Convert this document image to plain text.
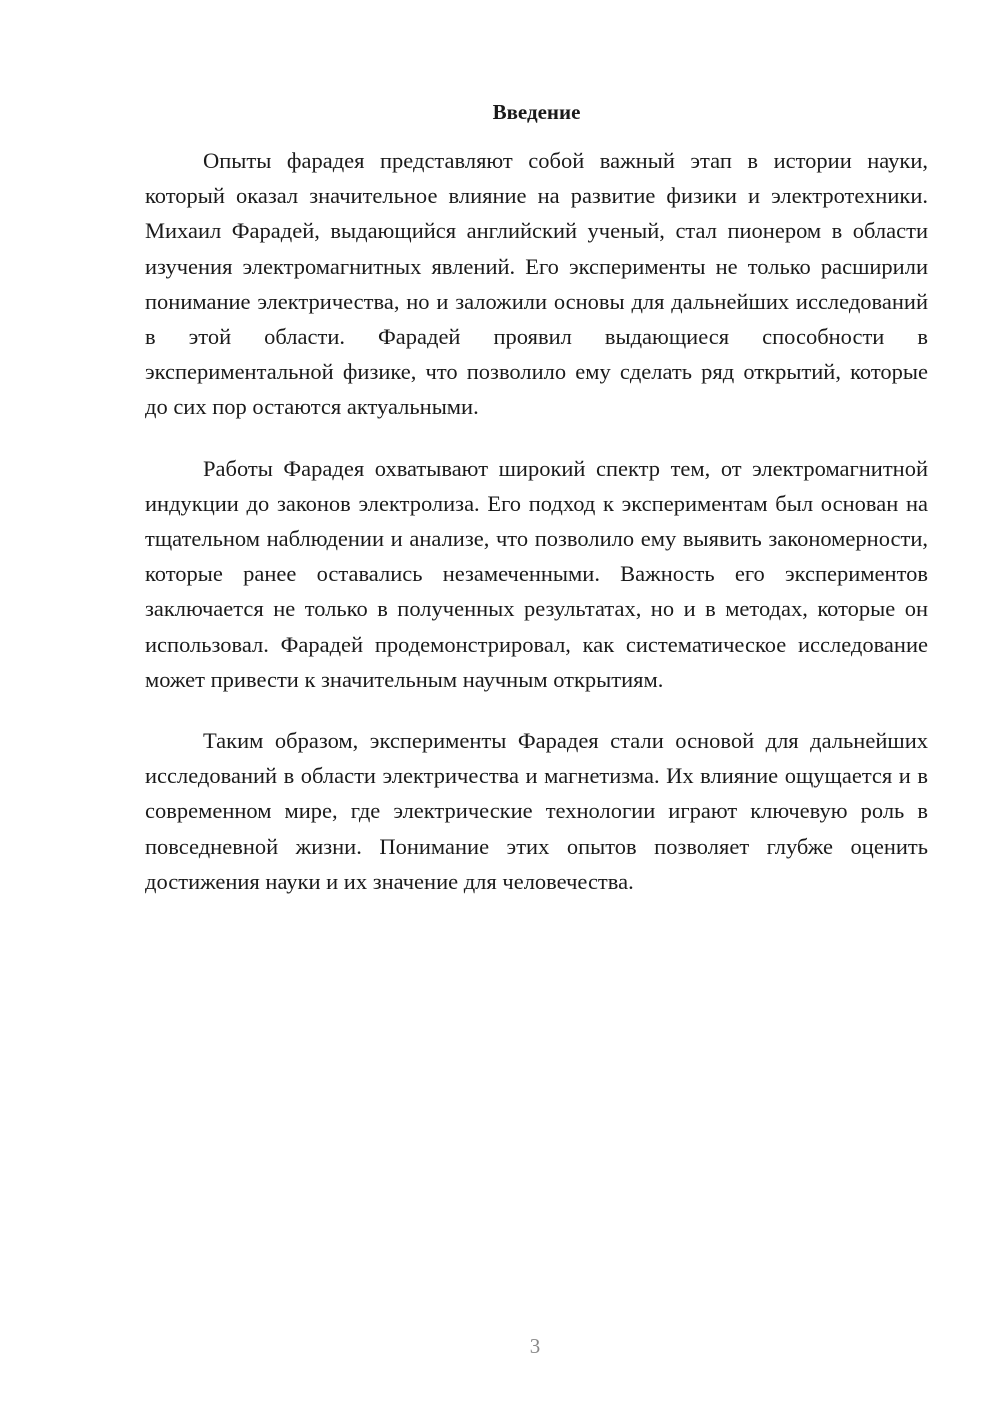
Введение

Опыты фарадея представляют собой важный этап в истории науки, который оказал значительное влияние на развитие физики и электротехники. Михаил Фарадей, выдающийся английский ученый, стал пионером в области изучения электромагнитных явлений. Его эксперименты не только расширили понимание электричества, но и заложили основы для дальнейших исследований в этой области. Фарадей проявил выдающиеся способности в экспериментальной физике, что позволило ему сделать ряд открытий, которые до сих пор остаются актуальными.

Работы Фарадея охватывают широкий спектр тем, от электромагнитной индукции до законов электролиза. Его подход к экспериментам был основан на тщательном наблюдении и анализе, что позволило ему выявить закономерности, которые ранее оставались незамеченными. Важность его экспериментов заключается не только в полученных результатах, но и в методах, которые он использовал. Фарадей продемонстрировал, как систематическое исследование может привести к значительным научным открытиям.

Таким образом, эксперименты Фарадея стали основой для дальнейших исследований в области электричества и магнетизма. Их влияние ощущается и в современном мире, где электрические технологии играют ключевую роль в повседневной жизни. Понимание этих опытов позволяет глубже оценить достижения науки и их значение для человечества.

3
